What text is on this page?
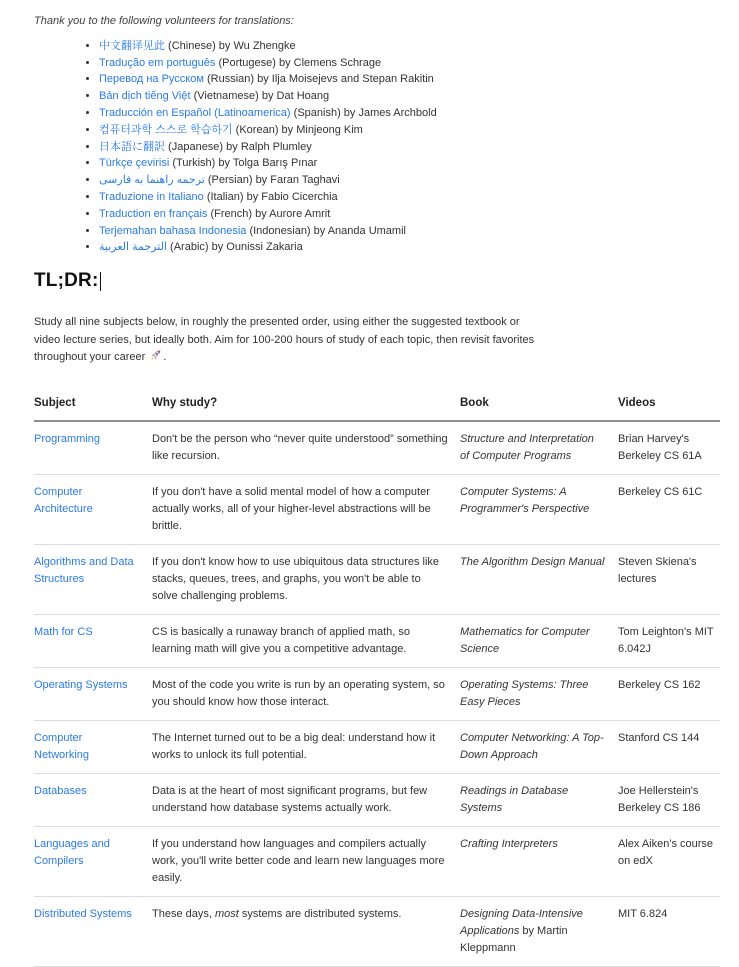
Thank you to the following volunteers for translations:

• 中文翻译见此 (Chinese) by Wu Zhengke
• Tradução em português (Portugese) by Clemens Schrage
• Перевод на Русском (Russian) by Ilja Moisejevs and Stepan Rakitin
• Bản dịch tiếng Việt (Vietnamese) by Dat Hoang
• Traducción en Español (Latinoamerica) (Spanish) by James Archbold
• 컴퓨터과학 스스로 학습하기 (Korean) by Minjeong Kim
• 日本語に翻訳 (Japanese) by Ralph Plumley
• Türkçe çevirisi (Turkish) by Tolga Barış Pınar
• ترجمه راهنما به فارسی (Persian) by Faran Taghavi
• Traduzione in Italiano (Italian) by Fabio Cicerchia
• Traduction en français (French) by Aurore Amrit
• Terjemahan bahasa Indonesia (Indonesian) by Ananda Umamil
• الترجمة العربية (Arabic) by Ounissi Zakaria
TL;DR:

Study all nine subjects below, in roughly the presented order, using either the suggested textbook or video lecture series, but ideally both. Aim for 100-200 hours of study of each topic, then revisit favorites throughout your career .

Subject	Why study?	Book	Videos
Programming	Don't be the person who “never quite understood” something like recursion.	Structure and Interpretation of Computer Programs	Brian Harvey's Berkeley CS 61A
Computer Architecture	If you don't have a solid mental model of how a computer actually works, all of your higher-level abstractions will be brittle.	Computer Systems: A Programmer's Perspective	Berkeley CS 61C
Algorithms and Data Structures	If you don't know how to use ubiquitous data structures like stacks, queues, trees, and graphs, you won't be able to solve challenging problems.	The Algorithm Design Manual	Steven Skiena's lectures
Math for CS	CS is basically a runaway branch of applied math, so learning math will give you a competitive advantage.	Mathematics for Computer Science	Tom Leighton's MIT 6.042J
Operating Systems	Most of the code you write is run by an operating system, so you should know how those interact.	Operating Systems: Three Easy Pieces	Berkeley CS 162
Computer Networking	The Internet turned out to be a big deal: understand how it works to unlock its full potential.	Computer Networking: A Top-Down Approach	Stanford CS 144
Databases	Data is at the heart of most significant programs, but few understand how database systems actually work.	Readings in Database Systems	Joe Hellerstein's Berkeley CS 186
Languages and Compilers	If you understand how languages and compilers actually work, you'll write better code and learn new languages more easily.	Crafting Interpreters	Alex Aiken's course on edX
Distributed Systems	These days, most systems are distributed systems.	Designing Data-Intensive Applications by Martin Kleppmann	MIT 6.824
